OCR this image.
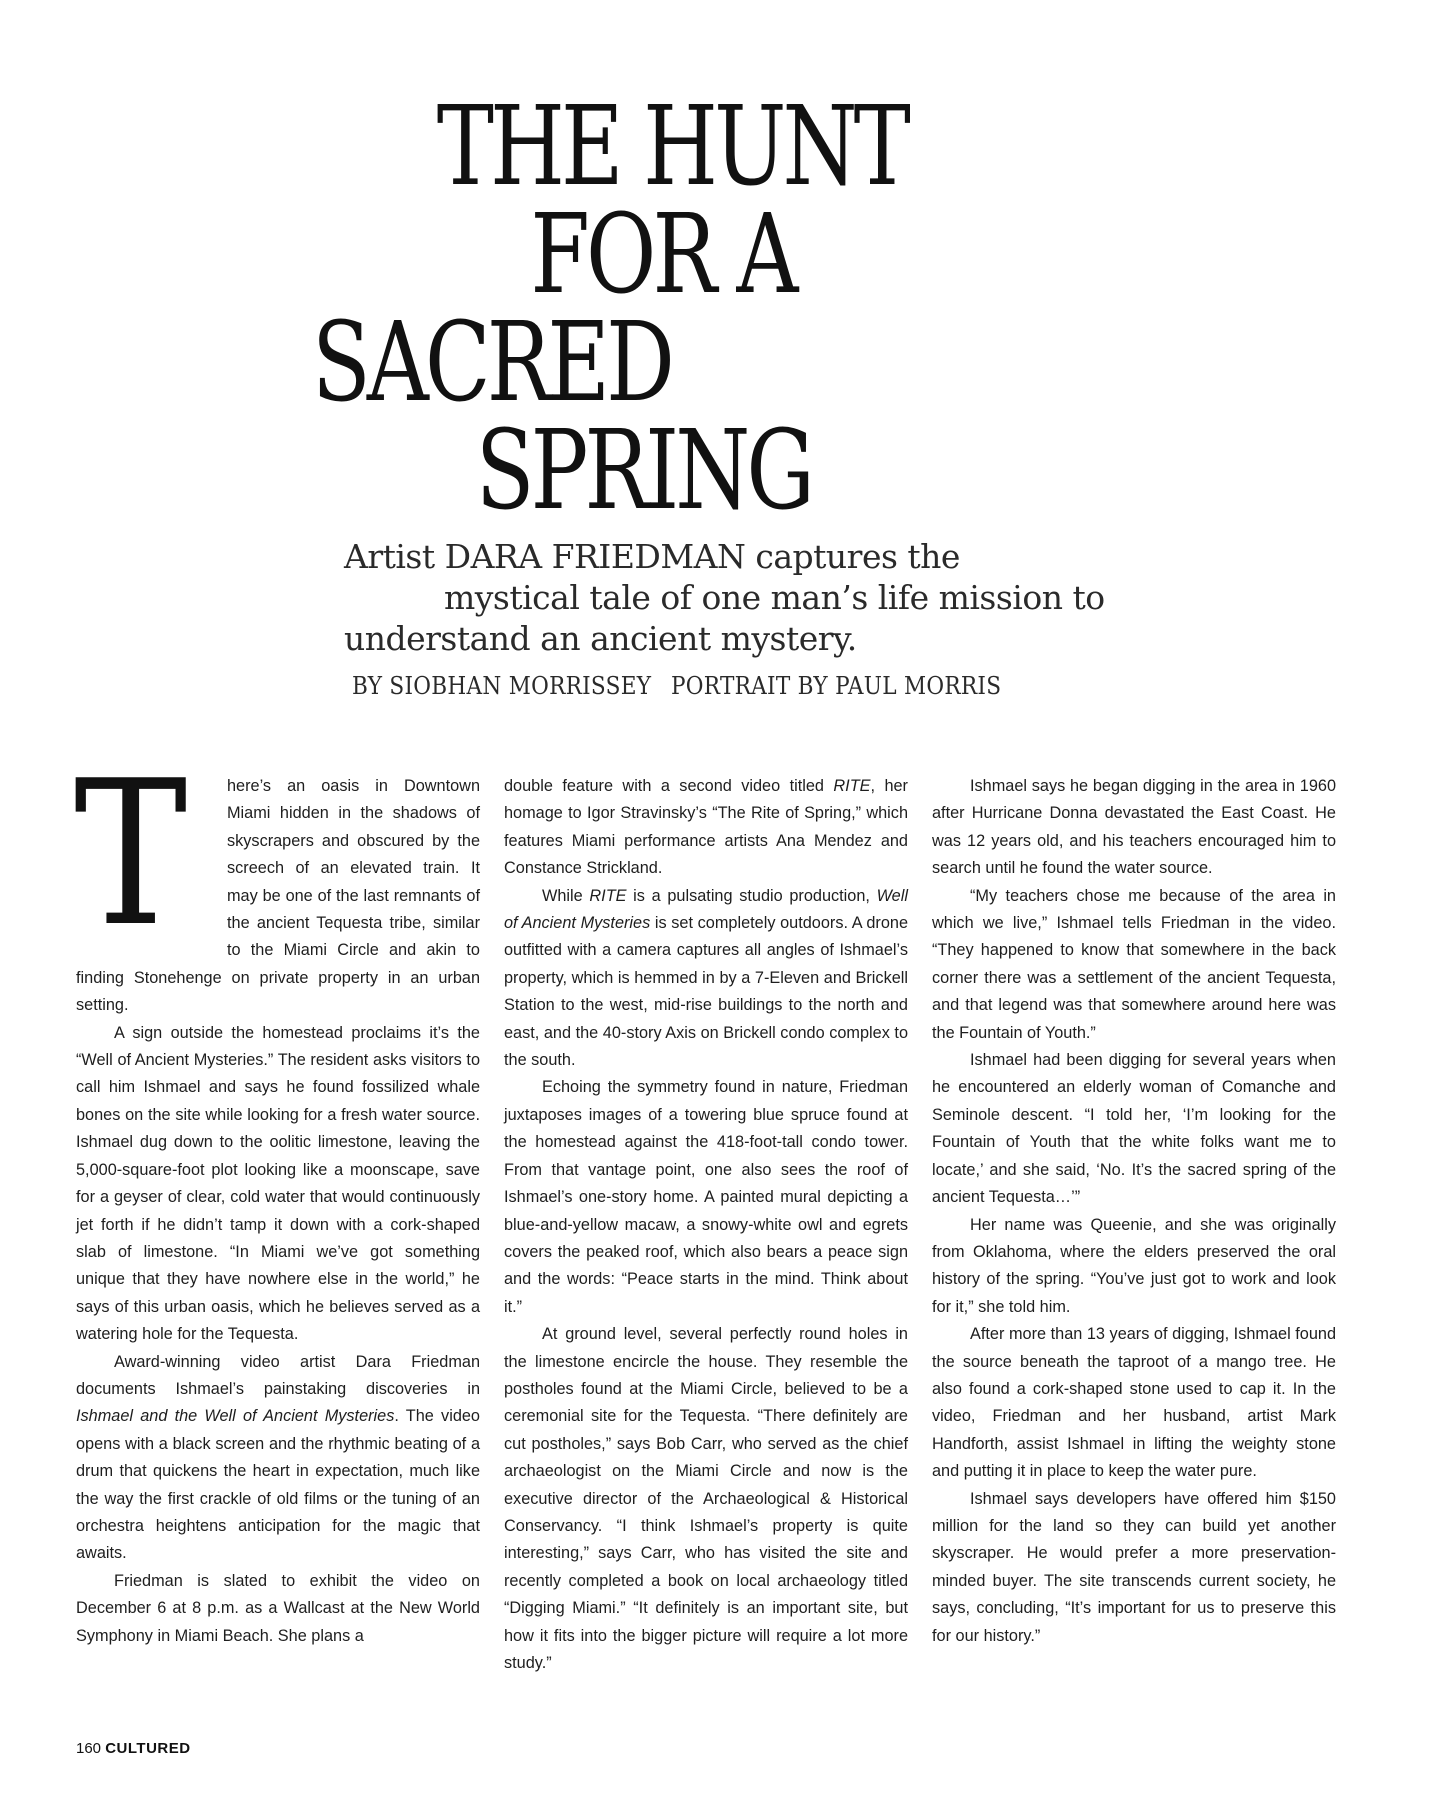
THE HUNT
FOR A
SACRED
SPRING
Artist DARA FRIEDMAN captures the
mystical tale of one man’s life mission to
understand an ancient mystery.
BY SIOBHAN MORRISSEY PORTRAIT BY PAUL MORRIS
T	here’s an oasis in Downtown Miami hidden in the shadows of skyscrapers and obscured by the screech of an elevated train. It may be one of the last remnants of the ancient Tequesta tribe, similar to the Miami Circle and akin to finding Stonehenge on private property in an urban setting.

A sign outside the homestead proclaims it’s the “Well of Ancient Mysteries.” The resident asks visitors to call him Ishmael and says he found fossilized whale bones on the site while looking for a fresh water source. Ishmael dug down to the oolitic limestone, leaving the 5,000-square-foot plot looking like a moonscape, save for a geyser of clear, cold water that would continuously jet forth if he didn’t tamp it down with a cork-shaped slab of limestone. “In Miami we’ve got something unique that they have nowhere else in the world,” he says of this urban oasis, which he believes served as a watering hole for the Tequesta.

Award-winning video artist Dara Friedman documents Ishmael’s painstaking discoveries in Ishmael and the Well of Ancient Mysteries. The video opens with a black screen and the rhythmic beating of a drum that quickens the heart in expectation, much like the way the first crackle of old films or the tuning of an orchestra heightens anticipation for the magic that awaits.

Friedman is slated to exhibit the video on December 6 at 8 p.m. as a Wallcast at the New World Symphony in Miami Beach. She plans a

double feature with a second video titled RITE, her homage to Igor Stravinsky’s “The Rite of Spring,” which features Miami performance artists Ana Mendez and Constance Strickland.

While RITE is a pulsating studio production, Well of Ancient Mysteries is set completely outdoors. A drone outfitted with a camera captures all angles of Ishmael’s property, which is hemmed in by a 7-Eleven and Brickell Station to the west, mid-rise buildings to the north and east, and the 40-story Axis on Brickell condo complex to the south.

Echoing the symmetry found in nature, Friedman juxtaposes images of a towering blue spruce found at the homestead against the 418-foot-tall condo tower. From that vantage point, one also sees the roof of Ishmael’s one-story home. A painted mural depicting a blue-and-yellow macaw, a snowy-white owl and egrets covers the peaked roof, which also bears a peace sign and the words: “Peace starts in the mind. Think about it.”

At ground level, several perfectly round holes in the limestone encircle the house. They resemble the postholes found at the Miami Circle, believed to be a ceremonial site for the Tequesta. “There definitely are cut postholes,” says Bob Carr, who served as the chief archaeologist on the Miami Circle and now is the executive director of the Archaeological & Historical Conservancy. “I think Ishmael’s property is quite interesting,” says Carr, who has visited the site and recently completed a book on local archaeology titled “Digging Miami.” “It definitely is an important site, but how it fits into the bigger picture will require a lot more study.”

Ishmael says he began digging in the area in 1960 after Hurricane Donna devastated the East Coast. He was 12 years old, and his teachers encouraged him to search until he found the water source.

“My teachers chose me because of the area in which we live,” Ishmael tells Friedman in the video. “They happened to know that somewhere in the back corner there was a settlement of the ancient Tequesta, and that legend was that somewhere around here was the Fountain of Youth.”

Ishmael had been digging for several years when he encountered an elderly woman of Comanche and Seminole descent. “I told her, ‘I’m looking for the Fountain of Youth that the white folks want me to locate,’ and she said, ‘No. It’s the sacred spring of the ancient Tequesta…’”

Her name was Queenie, and she was originally from Oklahoma, where the elders preserved the oral history of the spring. “You’ve just got to work and look for it,” she told him.

After more than 13 years of digging, Ishmael found the source beneath the taproot of a mango tree. He also found a cork-shaped stone used to cap it. In the video, Friedman and her husband, artist Mark Handforth, assist Ishmael in lifting the weighty stone and putting it in place to keep the water pure.

Ishmael says developers have offered him $150 million for the land so they can build yet another skyscraper. He would prefer a more preservation-minded buyer. The site transcends current society, he says, concluding, “It’s important for us to preserve this for our history.”

160 CULTURED
